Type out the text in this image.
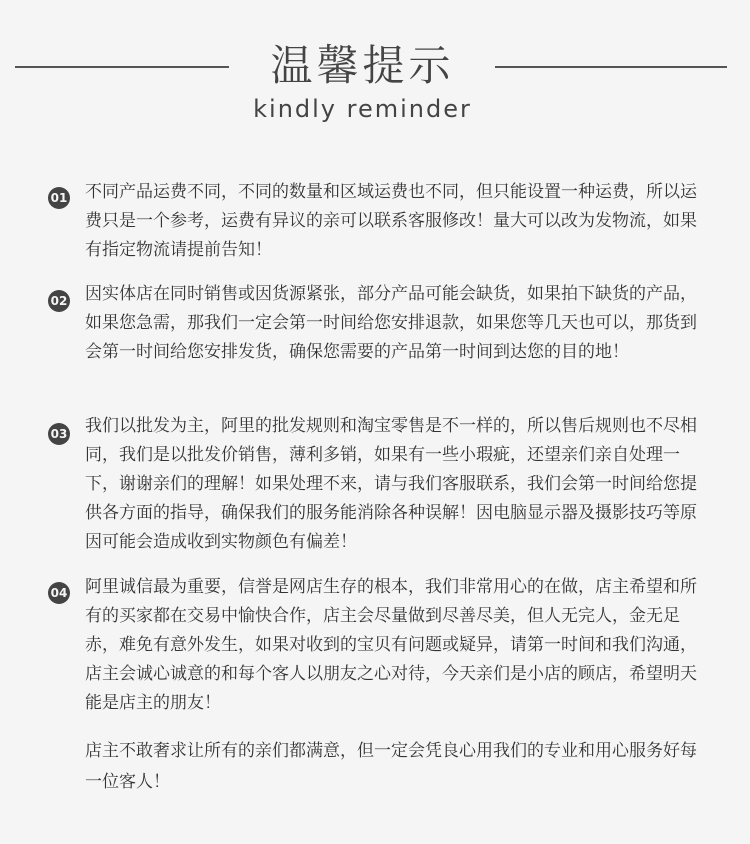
温馨提示
kindly reminder
01 不同产品运费不同，不同的数量和区域运费也不同，但只能设置一种运费，所以运费只是一个参考，运费有异议的亲可以联系客服修改！量大可以改为发物流，如果有指定物流请提前告知！
02 因实体店在同时销售或因货源紧张，部分产品可能会缺货，如果拍下缺货的产品，如果您急需，那我们一定会第一时间给您安排退款，如果您等几天也可以，那货到会第一时间给您安排发货，确保您需要的产品第一时间到达您的目的地！
03 我们以批发为主，阿里的批发规则和淘宝零售是不一样的，所以售后规则也不尽相同，我们是以批发价销售，薄利多销，如果有一些小瑕疵，还望亲们亲自处理一下，谢谢亲们的理解！如果处理不来，请与我们客服联系，我们会第一时间给您提供各方面的指导，确保我们的服务能消除各种误解！因电脑显示器及摄影技巧等原因可能会造成收到实物颜色有偏差！
04 阿里诚信最为重要，信誉是网店生存的根本，我们非常用心的在做，店主希望和所有的买家都在交易中愉快合作，店主会尽量做到尽善尽美，但人无完人，金无足赤，难免有意外发生，如果对收到的宝贝有问题或疑异，请第一时间和我们沟通，店主会诚心诚意的和每个客人以朋友之心对待，今天亲们是小店的顾店，希望明天能是店主的朋友！
店主不敢奢求让所有的亲们都满意，但一定会凭良心用我们的专业和用心服务好每一位客人！
